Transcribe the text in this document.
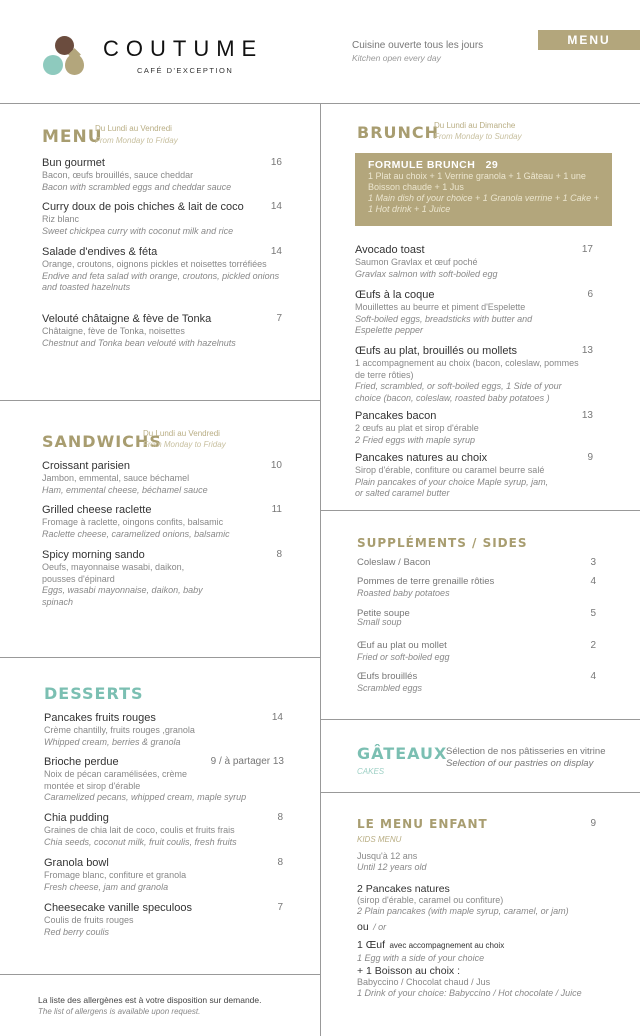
COUTUME
CAFÉ D'EXCEPTION
Cuisine ouverte tous les jours
Kitchen open every day
MENU
MENU
Du Lundi au Vendredi
From Monday to Friday
Bun gourmet
Bacon, œufs brouillés, sauce cheddar
Bacon with scrambled eggs and cheddar sauce
16
Curry doux de pois chiches & lait de coco
Riz blanc
Sweet chickpea curry with coconut milk and rice
14
Salade d'endives & féta
Orange, croutons, oignons pickles et noisettes torréfiées
Endive and feta salad with orange, croutons, pickled onions and toasted hazelnuts
14
Velouté châtaigne & fève de Tonka
Châtaigne, fève de Tonka, noisettes
Chestnut and Tonka bean velouté with hazelnuts
7
SANDWICHS
Du Lundi au Vendredi
From Monday to Friday
Croissant parisien
Jambon, emmental, sauce béchamel
Ham, emmental cheese, béchamel sauce
10
Grilled cheese raclette
Fromage à raclette, oingons confits, balsamic
Raclette cheese, caramelized onions, balsamic
11
Spicy morning sando
Oeufs, mayonnaise wasabi, daikon, pousses d'épinard
Eggs, wasabi mayonnaise, daikon, baby spinach
8
DESSERTS
Pancakes fruits rouges
Crème chantilly, fruits rouges ,granola
Whipped cream, berries & granola
14
Brioche perdue
Noix de pécan caramélisées, crème montée et sirop d'érable
Caramelized pecans, whipped cream, maple syrup
9 / à partager 13
Chia pudding
Graines de chia lait de coco, coulis et fruits frais
Chia seeds, coconut milk, fruit coulis, fresh fruits
8
Granola bowl
Fromage blanc, confiture et granola
Fresh cheese, jam and granola
8
Cheesecake vanille speculoos
Coulis de fruits rouges
Red berry coulis
7
La liste des allergènes est à votre disposition sur demande.
The list of allergens is available upon request.
BRUNCH
Du Lundi au Dimanche
From Monday to Sunday
FORMULE BRUNCH   29
1 Plat au choix + 1 Verrine granola + 1 Gâteau + 1 une Boisson chaude + 1 Jus
1 Main dish of your choice + 1 Granola verrine + 1 Cake + 1 Hot drink + 1 Juice
Avocado toast
Saumon Gravlax et œuf poché
Gravlax salmon with soft-boiled egg
17
Œufs à la coque
Mouillettes au beurre et piment d'Espelette
Soft-boiled eggs, breadsticks with butter and Espelette pepper
6
Œufs au plat, brouillés ou mollets
1 accompagnement au choix (bacon, coleslaw, pommes de terre rôties)
Fried, scrambled, or soft-boiled eggs, 1 Side of your choice (bacon, coleslaw, roasted baby potatoes )
13
Pancakes bacon
2 œufs au plat et sirop d'érable
2 Fried eggs with maple syrup
13
Pancakes natures au choix
Sirop d'érable, confiture ou caramel beurre salé
Plain pancakes of your choice Maple syrup, jam, or salted caramel butter
9
SUPPLÉMENTS / SIDES
Coleslaw / Bacon	3
Pommes de terre grenaille rôties
Roasted baby potatoes
4
Petite soupe
Small soup
5
Œuf au plat ou mollet
Fried or soft-boiled egg
2
Œufs brouillés
Scrambled eggs
4
GÂTEAUX
CAKES
Sélection de nos pâtisseries en vitrine
Selection of our pastries on display
LE MENU ENFANT	9
KIDS MENU
Jusqu'à 12 ans
Until 12 years old
2 Pancakes natures
(sirop d'érable, caramel ou confiture)
2 Plain pancakes (with maple syrup, caramel, or jam)
ou / or
1 Œuf avec accompagnement au choix
1 Egg with a side of your choice
+ 1 Boisson au choix :
Babyccino / Chocolat chaud / Jus
1 Drink of your choice: Babyccino / Hot chocolate / Juice
